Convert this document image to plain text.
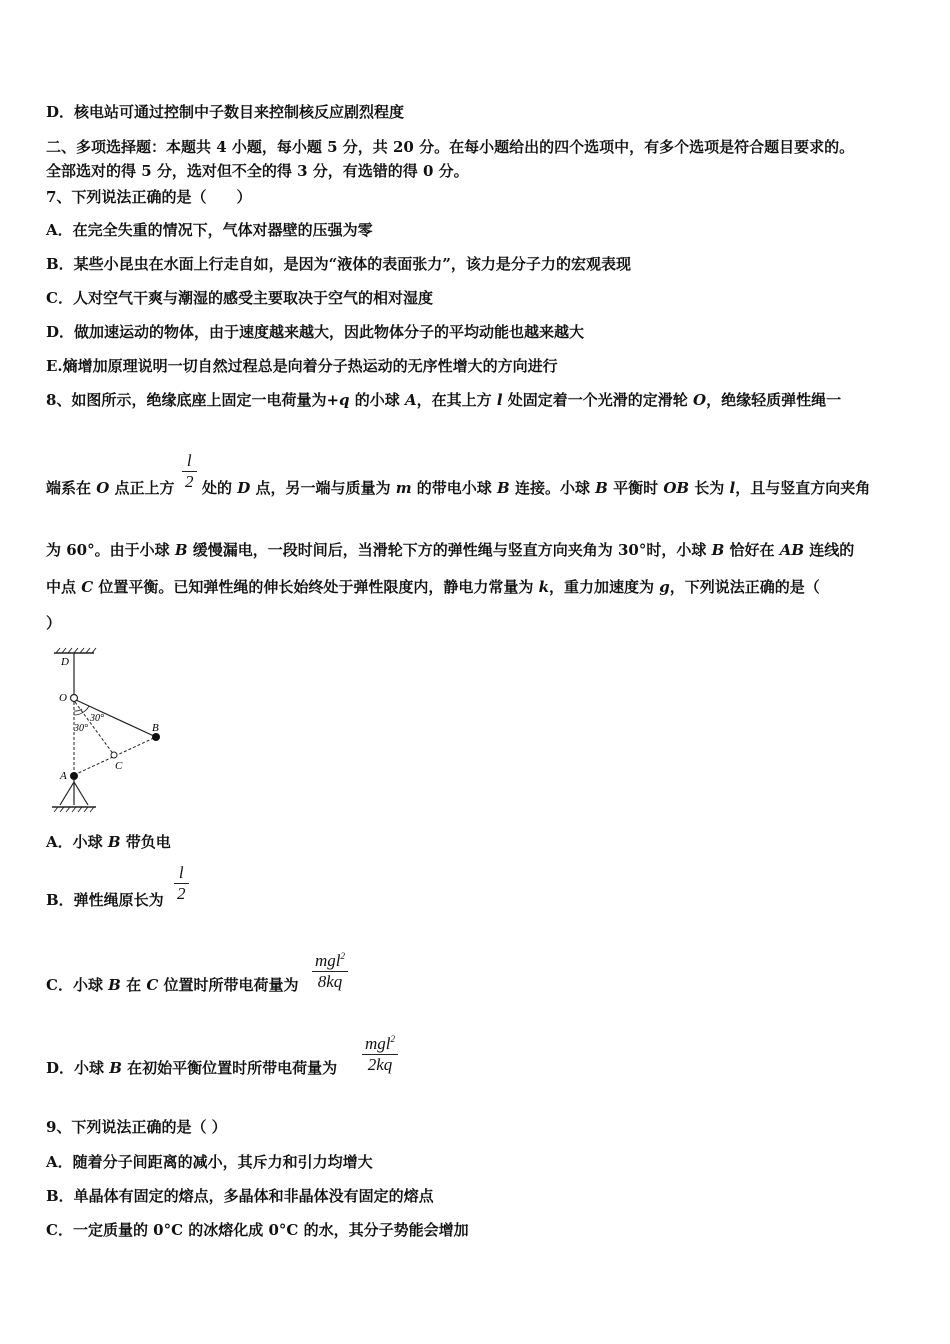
D．核电站可通过控制中子数目来控制核反应剧烈程度
二、多项选择题：本题共 4 小题，每小题 5 分，共 20 分。在每小题给出的四个选项中，有多个选项是符合题目要求的。
全部选对的得 5 分，选对但不全的得 3 分，有选错的得 0 分。
7、下列说法正确的是（　　）
A．在完全失重的情况下，气体对器壁的压强为零
B．某些小昆虫在水面上行走自如，是因为“液体的表面张力”，该力是分子力的宏观表现
C．人对空气干爽与潮湿的感受主要取决于空气的相对湿度
D．做加速运动的物体，由于速度越来越大，因此物体分子的平均动能也越来越大
E.熵增加原理说明一切自然过程总是向着分子热运动的无序性增大的方向进行
8、如图所示，绝缘底座上固定一电荷量为+q 的小球 A，在其上方 l 处固定着一个光滑的定滑轮 O，绝缘轻质弹性绳一
端系在 O 点正上方 $\frac{l}{2}$ 处的 D 点，另一端与质量为 m 的带电小球 B 连接。小球 B 平衡时 OB 长为 l，且与竖直方向夹角
为 60°。由于小球 B 缓慢漏电，一段时间后，当滑轮下方的弹性绳与竖直方向夹角为 30°时，小球 B 恰好在 AB 连线的
中点 C 位置平衡。已知弹性绳的伸长始终处于弹性限度内，静电力常量为 k，重力加速度为 g，下列说法正确的是（
）
D
O
30°
30°	B
C
A
A．小球 B 带负电
B．弹性绳原长为 $\frac{l}{2}$
C．小球 B 在 C 位置时所带电荷量为
mgl$^2$
8kq
D．小球 B 在初始平衡位置时所带电荷量为
mgl$^2$
2kq
9、下列说法正确的是（ ）
A．随着分子间距离的减小，其斥力和引力均增大
B．单晶体有固定的熔点，多晶体和非晶体没有固定的熔点
C．一定质量的 0°C 的冰熔化成 0°C 的水，其分子势能会增加
